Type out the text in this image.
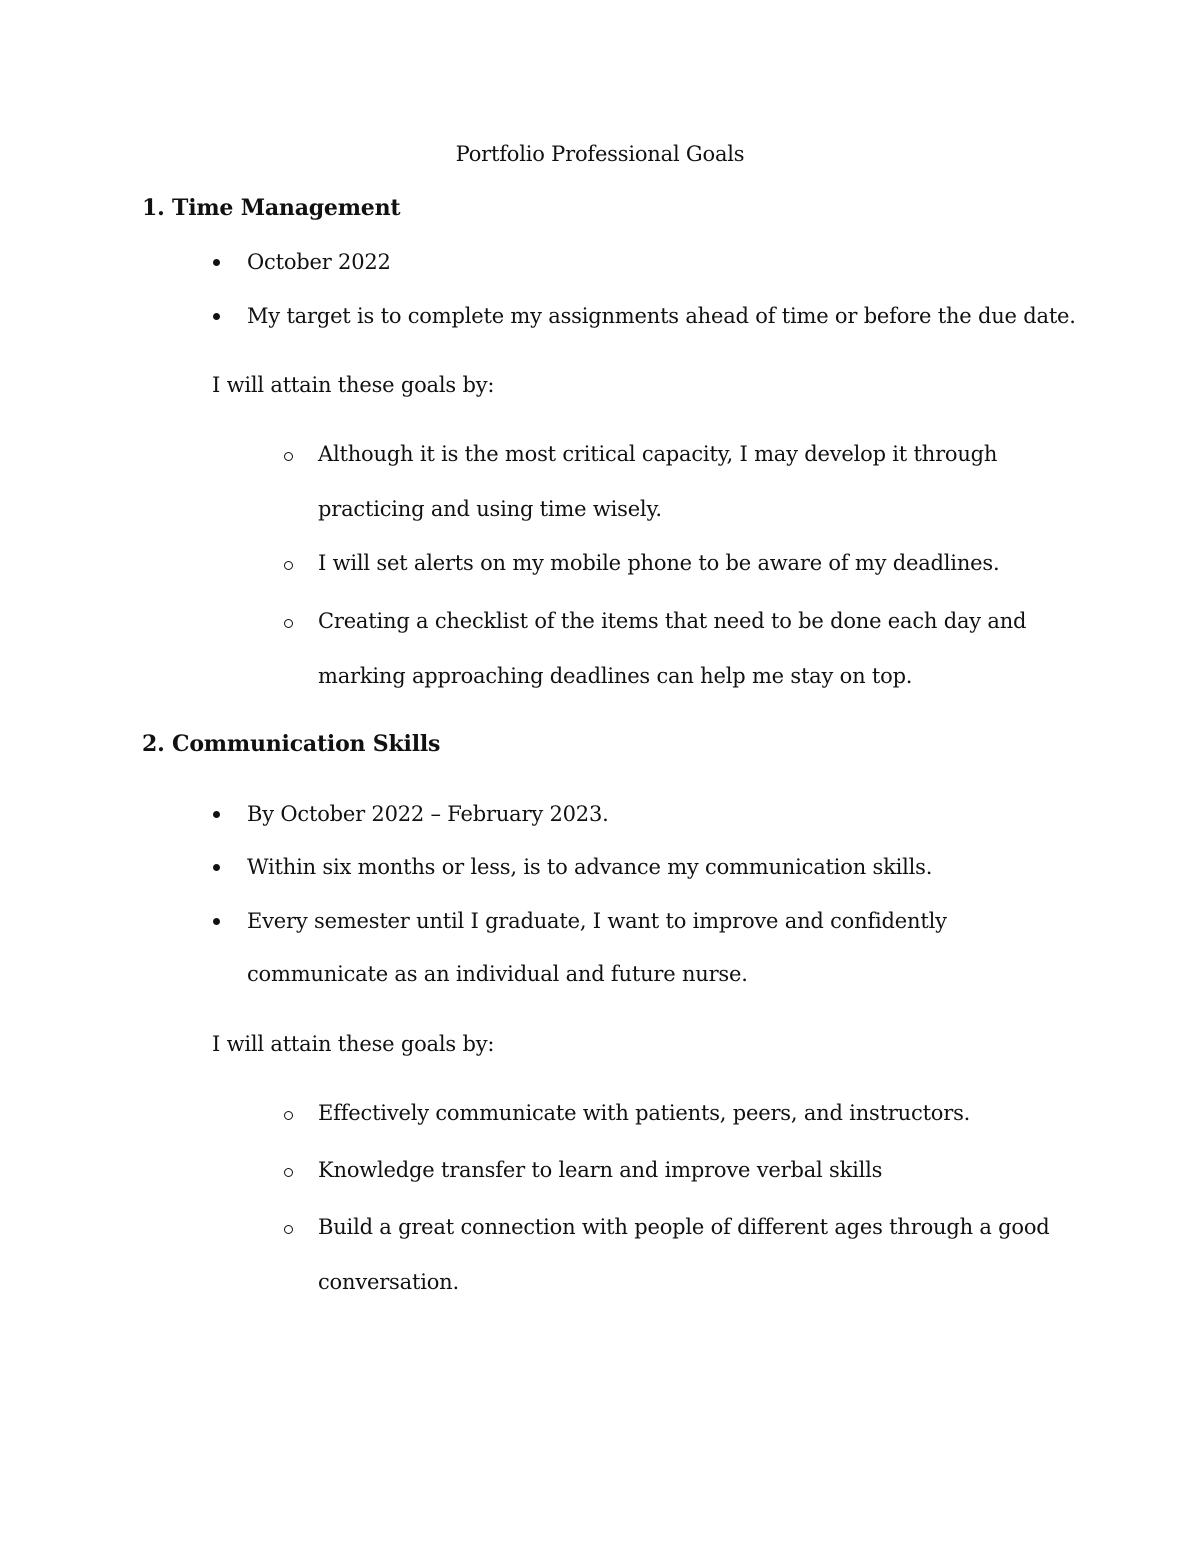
Portfolio Professional Goals
1. Time Management
October 2022
My target is to complete my assignments ahead of time or before the due date.
I will attain these goals by:
Although it is the most critical capacity, I may develop it through
practicing and using time wisely.
I will set alerts on my mobile phone to be aware of my deadlines.
Creating a checklist of the items that need to be done each day and
marking approaching deadlines can help me stay on top.
2. Communication Skills
By October 2022 – February 2023.
Within six months or less, is to advance my communication skills.
Every semester until I graduate, I want to improve and confidently
communicate as an individual and future nurse.
I will attain these goals by:
Effectively communicate with patients, peers, and instructors.
Knowledge transfer to learn and improve verbal skills
Build a great connection with people of different ages through a good
conversation.
